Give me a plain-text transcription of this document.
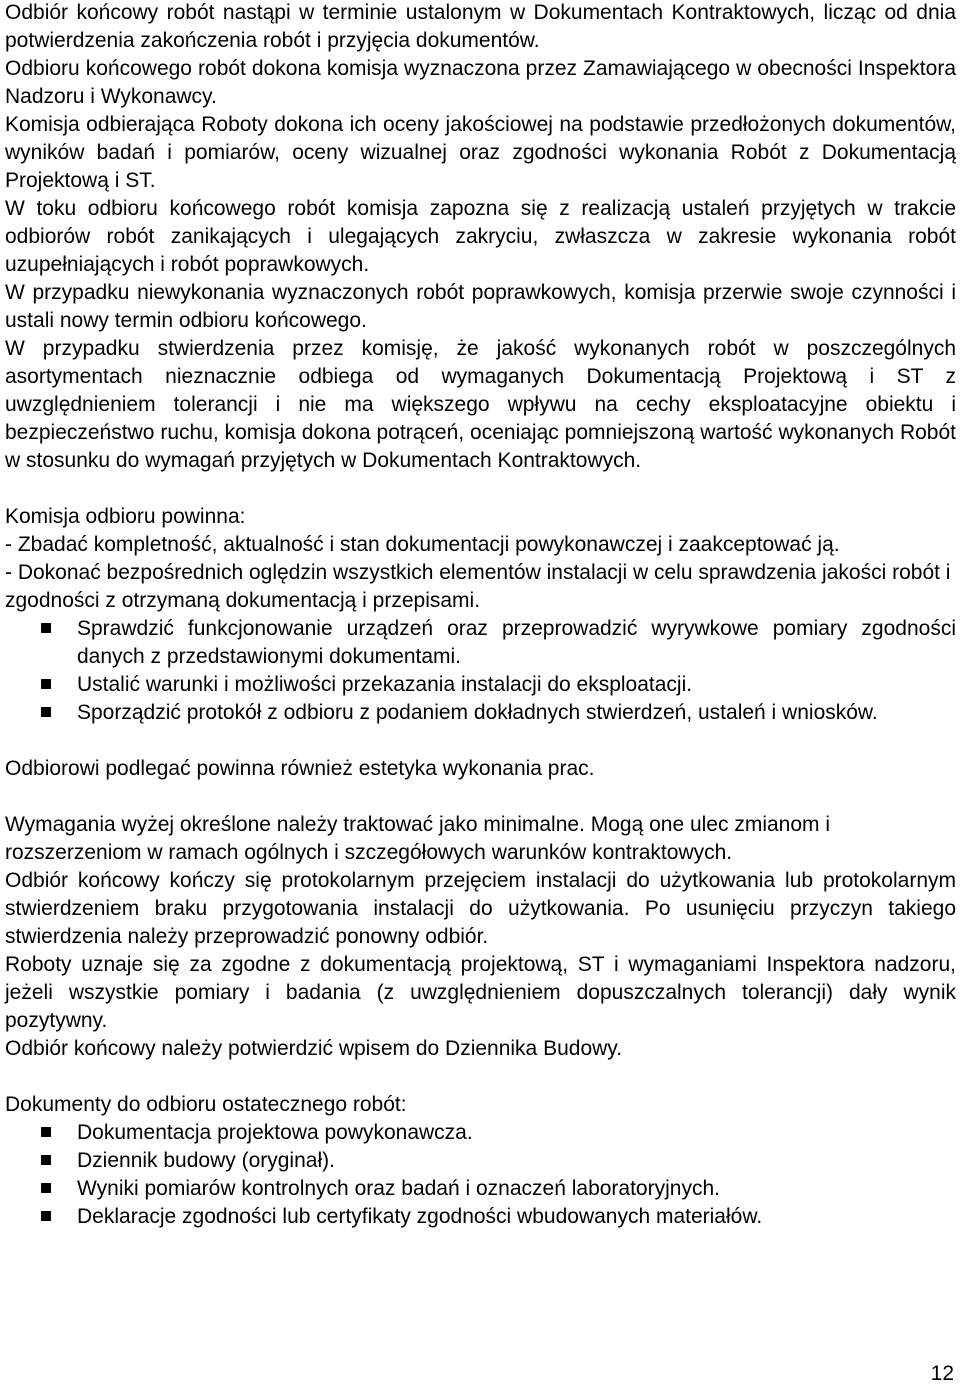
Odbiór końcowy robót nastąpi w terminie ustalonym w Dokumentach Kontraktowych, licząc od dnia potwierdzenia zakończenia robót i przyjęcia dokumentów.

Odbioru końcowego robót dokona komisja wyznaczona przez Zamawiającego w obecności Inspektora Nadzoru i Wykonawcy.

Komisja odbierająca Roboty dokona ich oceny jakościowej na podstawie przedłożonych dokumentów, wyników badań i pomiarów, oceny wizualnej oraz zgodności wykonania Robót z Dokumentacją Projektową i ST.

W toku odbioru końcowego robót komisja zapozna się z realizacją ustaleń przyjętych w trakcie odbiorów robót zanikających i ulegających zakryciu, zwłaszcza w zakresie wykonania robót uzupełniających i robót poprawkowych.

W przypadku niewykonania wyznaczonych robót poprawkowych, komisja przerwie swoje czynności i ustali nowy termin odbioru końcowego.

W przypadku stwierdzenia przez komisję, że jakość wykonanych robót w poszczególnych asortymentach nieznacznie odbiega od wymaganych Dokumentacją Projektową i ST z uwzględnieniem tolerancji i nie ma większego wpływu na cechy eksploatacyjne obiektu i bezpieczeństwo ruchu, komisja dokona potrąceń, oceniając pomniejszoną wartość wykonanych Robót w stosunku do wymagań przyjętych w Dokumentach Kontraktowych.

Komisja odbioru powinna:

- Zbadać kompletność, aktualność i stan dokumentacji powykonawczej i zaakceptować ją.

- Dokonać bezpośrednich oględzin wszystkich elementów instalacji w celu sprawdzenia jakości robót i zgodności z otrzymaną dokumentacją i przepisami.

Sprawdzić funkcjonowanie urządzeń oraz przeprowadzić wyrywkowe pomiary zgodności danych z przedstawionymi dokumentami.
Ustalić warunki i możliwości przekazania instalacji do eksploatacji.
Sporządzić protokół z odbioru z podaniem dokładnych stwierdzeń, ustaleń i wniosków.

Odbiorowi podlegać powinna również estetyka wykonania prac.

Wymagania wyżej określone należy traktować jako minimalne. Mogą one ulec zmianom i rozszerzeniom w ramach ogólnych i szczegółowych warunków kontraktowych.

Odbiór końcowy kończy się protokolarnym przejęciem instalacji do użytkowania lub protokolarnym stwierdzeniem braku przygotowania instalacji do użytkowania. Po usunięciu przyczyn takiego stwierdzenia należy przeprowadzić ponowny odbiór.

Roboty uznaje się za zgodne z dokumentacją projektową, ST i wymaganiami Inspektora nadzoru, jeżeli wszystkie pomiary i badania (z uwzględnieniem dopuszczalnych tolerancji) dały wynik pozytywny.

Odbiór końcowy należy potwierdzić wpisem do Dziennika Budowy.

Dokumenty do odbioru ostatecznego robót:

Dokumentacja projektowa powykonawcza.
Dziennik budowy (oryginał).
Wyniki pomiarów kontrolnych oraz badań i oznaczeń laboratoryjnych.
Deklaracje zgodności lub certyfikaty zgodności wbudowanych materiałów.
12
